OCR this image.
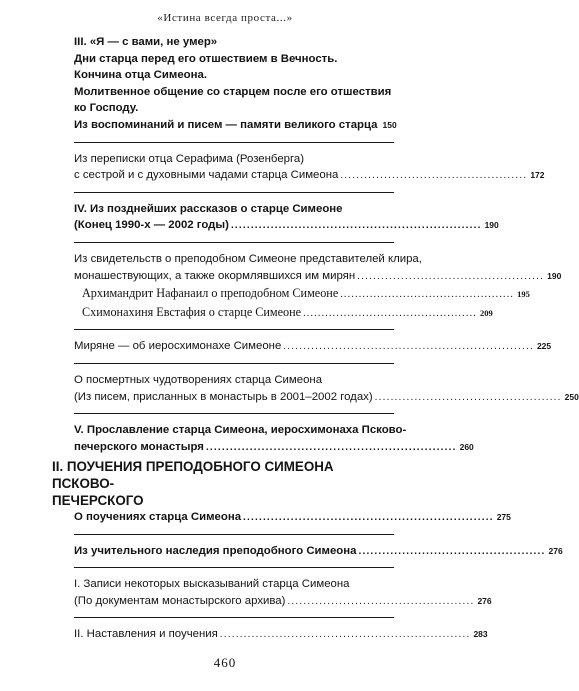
«Истина всегда проста...»
III. «Я — с вами, не умер»
Дни старца перед его отшествием в Вечность.
Кончина отца Симеона.
Молитвенное общение со старцем после его отшествия
ко Господу.
Из воспоминаний и писем — памяти великого старца 150
Из переписки отца Серафима (Розенберга)
с сестрой и с духовными чадами старца Симеона ............................................... 172
IV. Из позднейших рассказов о старце Симеоне
(Конец 1990-х — 2002 годы) ............................................................... 190
Из свидетельств о преподобном Симеоне представителей клира,
монашествующих, а также окормлявшихся им мирян ............................................... 190
Архимандрит Нафанаил о преподобном Симеоне ............................................... 195
Схимонахиня Евстафия о старце Симеоне ............................................... 209
Миряне — об иеросхимонахе Симеоне ............................................................... 225
О посмертных чудотворениях старца Симеона
(Из писем, присланных в монастырь в 2001–2002 годах) ............................................... 250
V. Прославление старца Симеона, иеросхимонаха Псково-
печерского монастыря ............................................................... 260
II. ПОУЧЕНИЯ ПРЕПОДОБНОГО СИМЕОНА ПСКОВО-
ПЕЧЕРСКОГО
О поучениях старца Симеона ............................................................... 275
Из учительного наследия преподобного Симеона ............................................... 276
I. Записи некоторых высказываний старца Симеона
(По документам монастырского архива) ............................................... 276
II. Наставления и поучения ............................................................... 283
460
